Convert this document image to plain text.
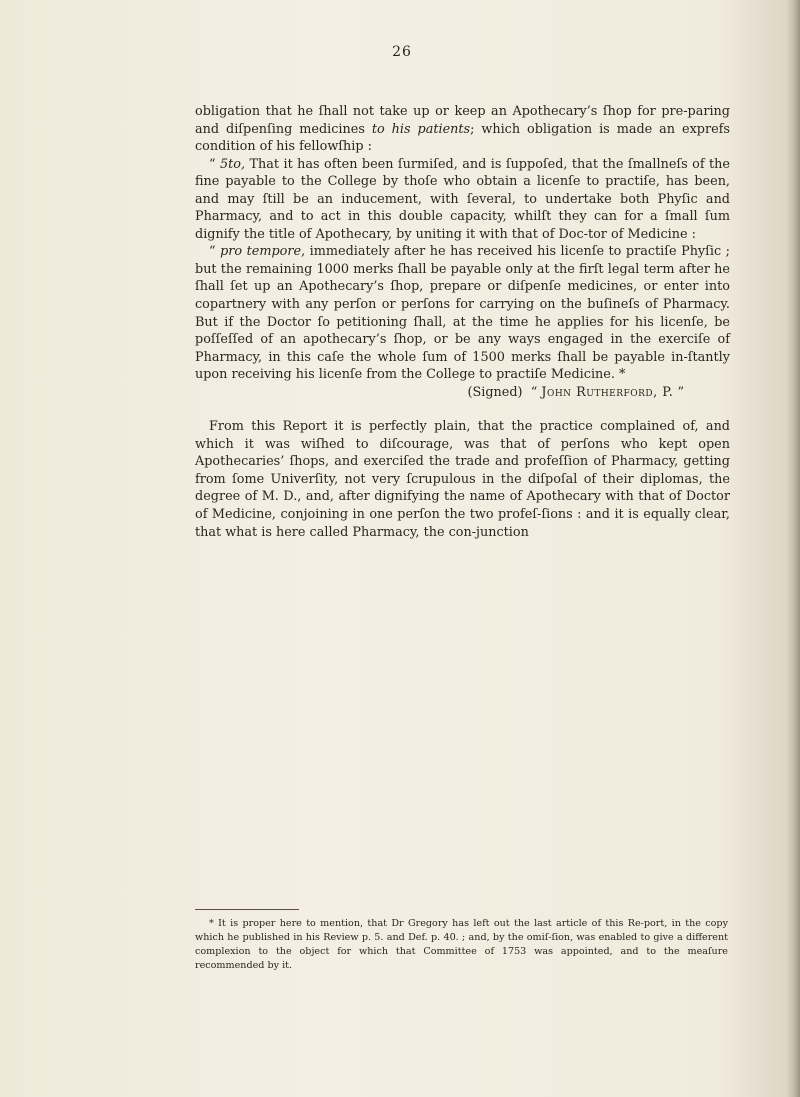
26

obligation that he ſhall not take up or keep an Apothecary’s ſhop for pre-paring and diſpenſing medicines to his patients; which obligation is made an exprefs condition of his fellowſhip :

“ 5to, That it has often been ſurmiſed, and is ſuppoſed, that the ſmallneſs of the fine payable to the College by thoſe who obtain a licenſe to practiſe, has been, and may ſtill be an inducement, with ſeveral, to undertake both Phyſic and Pharmacy, and to act in this double capacity, whilſt they can for a ſmall ſum dignify the title of Apothecary, by uniting it with that of Doc-tor of Medicine :

“ pro tempore, immediately after he has received his licenſe to practiſe Phyſic ; but the remaining 1000 merks ſhall be payable only at the firſt legal term after he ſhall ſet up an Apothecary’s ſhop, prepare or diſpenſe medicines, or enter into copartnery with any perſon or perſons for carrying on the buſineſs of Pharmacy. But if the Doctor ſo petitioning ſhall, at the time he applies for his licenſe, be poſſeſſed of an apothecary’s ſhop, or be any ways engaged in the exerciſe of Pharmacy, in this caſe the whole ſum of 1500 merks ſhall be payable in-ſtantly upon receiving his licenſe from the College to practiſe Medicine. *

(Signed) “ John Rutherford, P. ”

From this Report it is perfectly plain, that the practice complained of, and which it was wiſhed to diſcourage, was that of perſons who kept open Apothecaries’ ſhops, and exerciſed the trade and profeſſion of Pharmacy, getting from ſome Univerſity, not very ſcrupulous in the diſpoſal of their diplomas, the degree of M. D., and, after dignifying the name of Apothecary with that of Doctor of Medicine, conjoining in one perſon the two profeſ-ſions : and it is equally clear, that what is here called Pharmacy, the con-junction

* It is proper here to mention, that Dr Gregory has left out the last article of this Re-port, in the copy which he published in his Review p. 5. and Def. p. 40. ; and, by the omiſ-ſion, was enabled to give a different complexion to the object for which that Committee of 1753 was appointed, and to the meaſure recommended by it.
